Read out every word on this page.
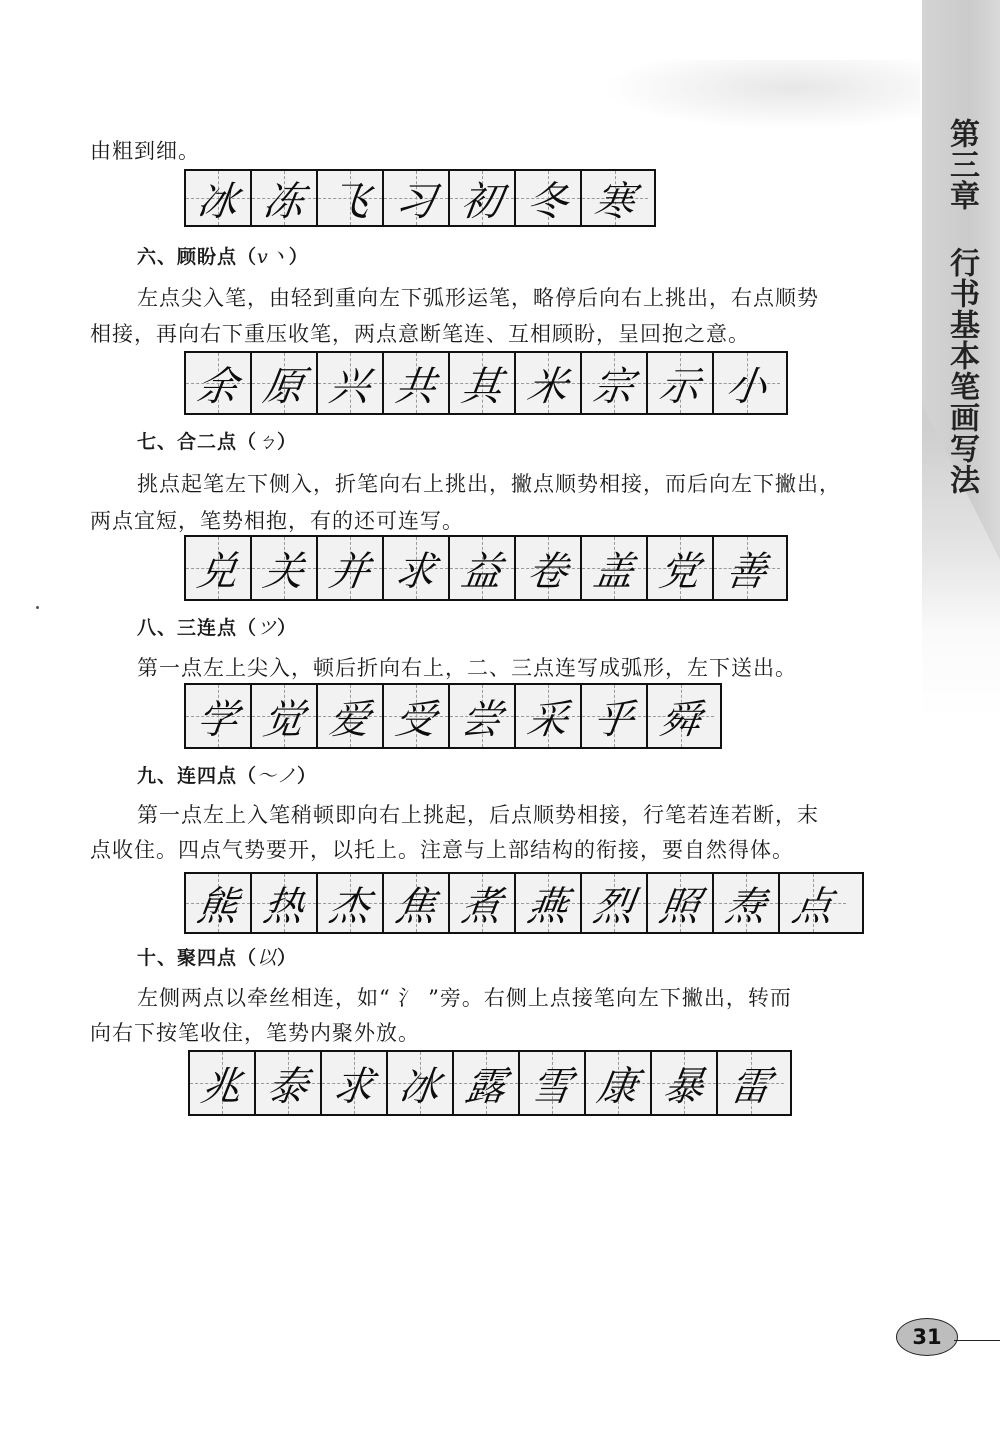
第三章 行书基本笔画写法
由粗到细。
冰 冻 飞 习 初 冬 寒
六、顾盼点（ⅴ丶）
左点尖入笔，由轻到重向左下弧形运笔，略停后向右上挑出，右点顺势
相接，再向右下重压收笔，两点意断笔连、互相顾盼，呈回抱之意。
余 原 兴 共 其 米 宗 示 小
七、合二点（ㄅ）
挑点起笔左下侧入，折笔向右上挑出，撇点顺势相接，而后向左下撇出，
两点宜短，笔势相抱，有的还可连写。
兑 关 并 求 益 卷 盖 党 善
八、三连点（ツ）
第一点左上尖入，顿后折向右上，二、三点连写成弧形，左下送出。
学 觉 爱 受 尝 采 乎 舜
九、连四点（〜ノ）
第一点左上入笔稍顿即向右上挑起，后点顺势相接，行笔若连若断，末
点收住。四点气势要开，以托上。注意与上部结构的衔接，要自然得体。
熊 热 杰 焦 煮 燕 烈 照 焘 点
十、聚四点（以）
左侧两点以牵丝相连，如“ 氵 ”旁。右侧上点接笔向左下撇出，转而
向右下按笔收住，笔势内聚外放。
兆 泰 求 冰 露 雪 康 暴 雷
31
